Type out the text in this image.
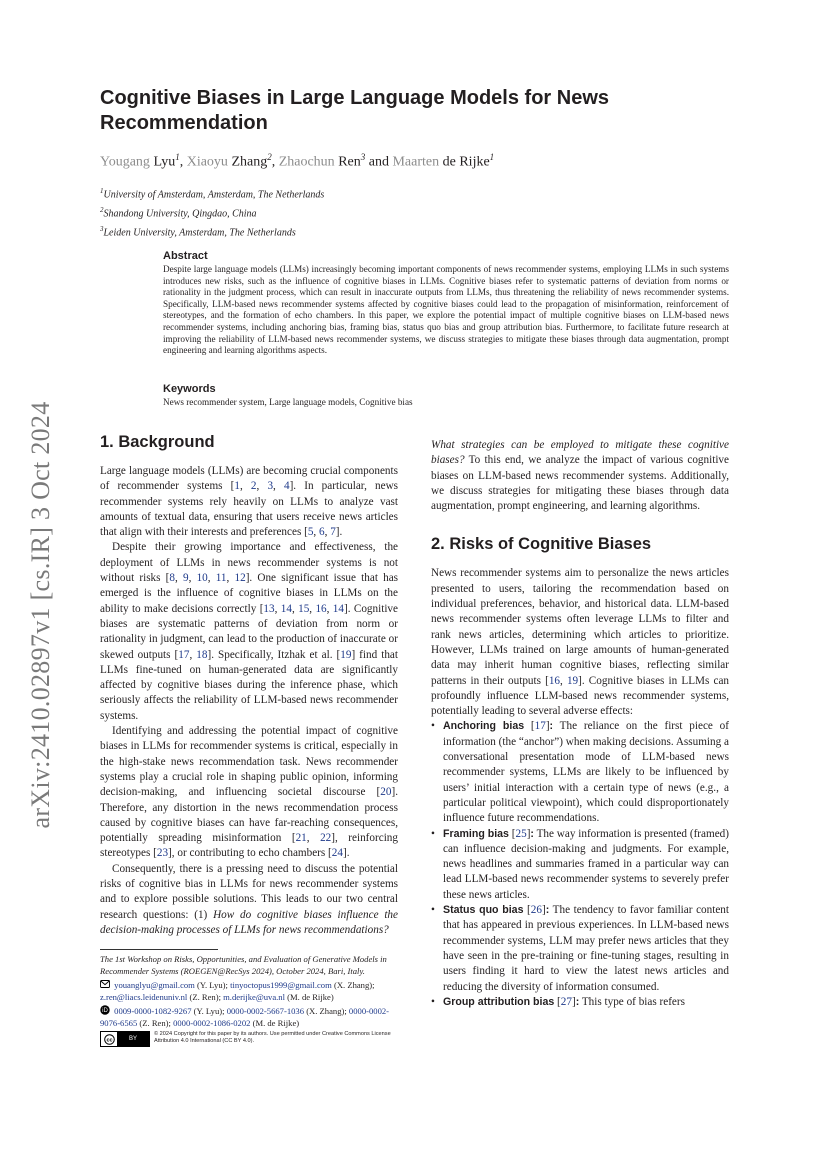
arXiv:2410.02897v1 [cs.IR] 3 Oct 2024
Cognitive Biases in Large Language Models for News Recommendation
Yougang Lyu$^1$, Xiaoyu Zhang$^2$, Zhaochun Ren$^3$ and Maarten de Rijke$^1$
$^1$University of Amsterdam, Amsterdam, The Netherlands
$^2$Shandong University, Qingdao, China
$^3$Leiden University, Amsterdam, The Netherlands
Abstract

Despite large language models (LLMs) increasingly becoming important components of news recommender systems, employing LLMs in such systems introduces new risks, such as the influence of cognitive biases in LLMs. Cognitive biases refer to systematic patterns of deviation from norms or rationality in the judgment process, which can result in inaccurate outputs from LLMs, thus threatening the reliability of news recommender systems. Specifically, LLM-based news recommender systems affected by cognitive biases could lead to the propagation of misinformation, reinforcement of stereotypes, and the formation of echo chambers. In this paper, we explore the potential impact of multiple cognitive biases on LLM-based news recommender systems, including anchoring bias, framing bias, status quo bias and group attribution bias. Furthermore, to facilitate future research at improving the reliability of LLM-based news recommender systems, we discuss strategies to mitigate these biases through data augmentation, prompt engineering and learning algorithms aspects.

Keywords

News recommender system, Large language models, Cognitive bias

1. Background

Large language models (LLMs) are becoming crucial components of recommender systems [1, 2, 3, 4]. In particular, news recommender systems rely heavily on LLMs to analyze vast amounts of textual data, ensuring that users receive news articles that align with their interests and preferences [5, 6, 7].

Despite their growing importance and effectiveness, the deployment of LLMs in news recommender systems is not without risks [8, 9, 10, 11, 12]. One significant issue that has emerged is the influence of cognitive biases in LLMs on the ability to make decisions correctly [13, 14, 15, 16, 14]. Cognitive biases are systematic patterns of deviation from norm or rationality in judgment, can lead to the production of inaccurate or skewed outputs [17, 18]. Specifically, Itzhak et al. [19] find that LLMs fine-tuned on human-generated data are significantly affected by cognitive biases during the inference phase, which seriously affects the reliability of LLM-based news recommender systems.

Identifying and addressing the potential impact of cognitive biases in LLMs for recommender systems is critical, especially in the high-stake news recommendation task. News recommender systems play a crucial role in shaping public opinion, informing decision-making, and influencing societal discourse [20]. Therefore, any distortion in the news recommendation process caused by cognitive biases can have far-reaching consequences, potentially spreading misinformation [21, 22], reinforcing stereotypes [23], or contributing to echo chambers [24].

Consequently, there is a pressing need to discuss the potential risks of cognitive bias in LLMs for news recommender systems and to explore possible solutions. This leads to our two central research questions: (1) How do cognitive biases influence the decision-making processes of LLMs for news recommendations?

The 1st Workshop on Risks, Opportunities, and Evaluation of Generative Models in Recommender Systems (ROEGEN@RecSys 2024), October 2024, Bari, Italy.

youanglyu@gmail.com (Y. Lyu); tinyoctopus1999@gmail.com (X. Zhang); z.ren@liacs.leidenuniv.nl (Z. Ren); m.derijke@uva.nl (M. de Rijke)

iD 0009-0000-1082-9267 (Y. Lyu); 0000-0002-5667-1036 (X. Zhang); 0000-0002-9076-6565 (Z. Ren); 0000-0002-1086-0202 (M. de Rijke)

cc	BY
© 2024 Copyright for this paper by its authors. Use permitted under Creative Commons License Attribution 4.0 International (CC BY 4.0).

What strategies can be employed to mitigate these cognitive biases? To this end, we analyze the impact of various cognitive biases on LLM-based news recommender systems. Additionally, we discuss strategies for mitigating these biases through data augmentation, prompt engineering, and learning algorithms.

2. Risks of Cognitive Biases

News recommender systems aim to personalize the news articles presented to users, tailoring the recommendation based on individual preferences, behavior, and historical data. LLM-based news recommender systems often leverage LLMs to filter and rank news articles, determining which articles to prioritize. However, LLMs trained on large amounts of human-generated data may inherit human cognitive biases, reflecting similar patterns in their outputs [16, 19]. Cognitive biases in LLMs can profoundly influence LLM-based news recommender systems, potentially leading to several adverse effects:

• Anchoring bias [17]: The reliance on the first piece of information (the “anchor”) when making decisions. Assuming a conversational presentation mode of LLM-based news recommender systems, LLMs are likely to be influenced by users’ initial interaction with a certain type of news (e.g., a particular political viewpoint), which could disproportionately influence future recommendations.
• Framing bias [25]: The way information is presented (framed) can influence decision-making and judgments. For example, news headlines and summaries framed in a particular way can lead LLM-based news recommender systems to severely prefer these news articles.
• Status quo bias [26]: The tendency to favor familiar content that has appeared in previous experiences. In LLM-based news recommender systems, LLM may prefer news articles that they have seen in the pre-training or fine-tuning stages, resulting in users finding it hard to view the latest news articles and reducing the diversity of information consumed.
• Group attribution bias [27]: This type of bias refers
